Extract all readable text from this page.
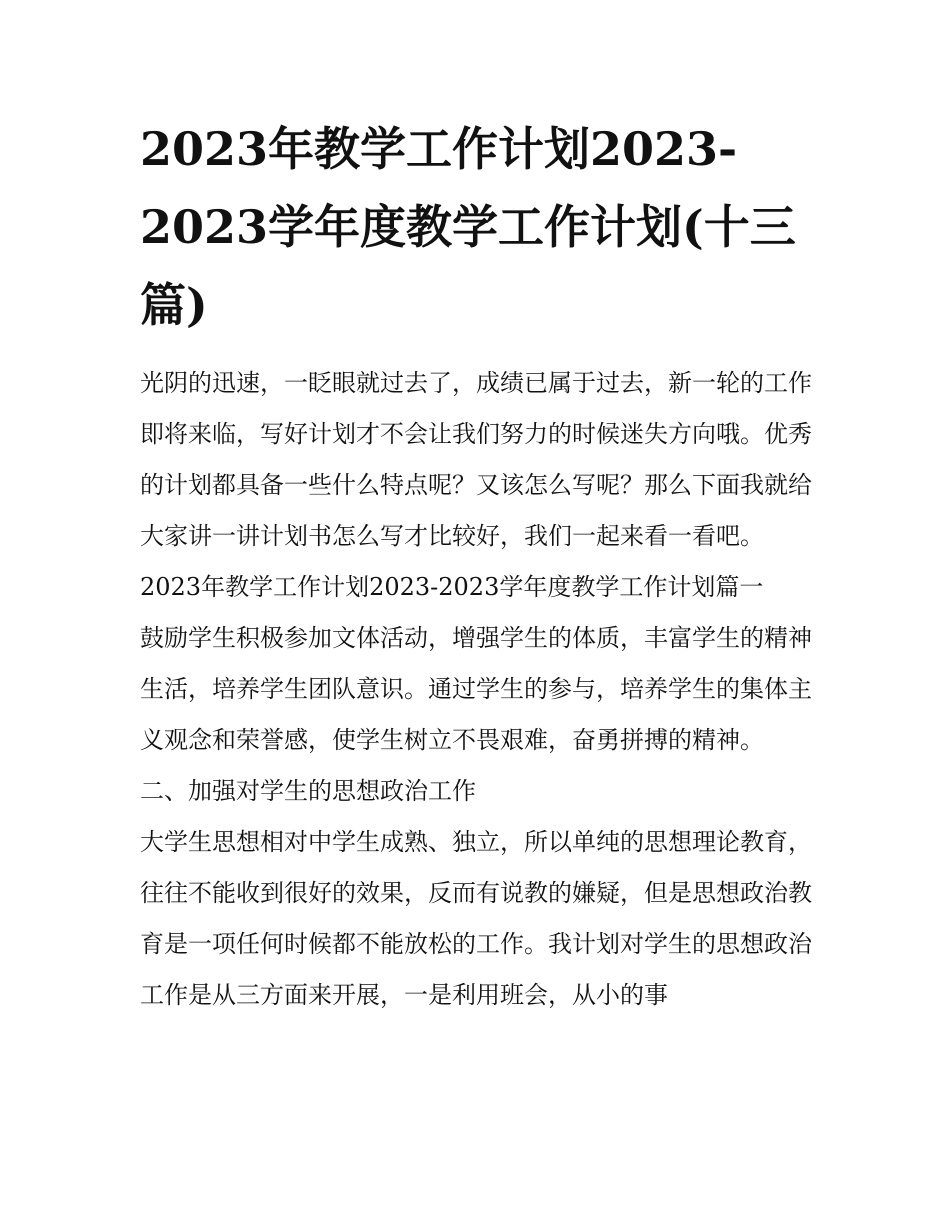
2023年教学工作计划2023-2023学年度教学工作计划(十三篇)

光阴的迅速，一眨眼就过去了，成绩已属于过去，新一轮的工作即将来临，写好计划才不会让我们努力的时候迷失方向哦。优秀的计划都具备一些什么特点呢？又该怎么写呢？那么下面我就给大家讲一讲计划书怎么写才比较好，我们一起来看一看吧。

2023年教学工作计划2023-2023学年度教学工作计划篇一

鼓励学生积极参加文体活动，增强学生的体质，丰富学生的精神生活，培养学生团队意识。通过学生的参与，培养学生的集体主义观念和荣誉感，使学生树立不畏艰难，奋勇拼搏的精神。

二、加强对学生的思想政治工作

大学生思想相对中学生成熟、独立，所以单纯的思想理论教育，往往不能收到很好的效果，反而有说教的嫌疑，但是思想政治教育是一项任何时候都不能放松的工作。我计划对学生的思想政治工作是从三方面来开展，一是利用班会，从小的事
